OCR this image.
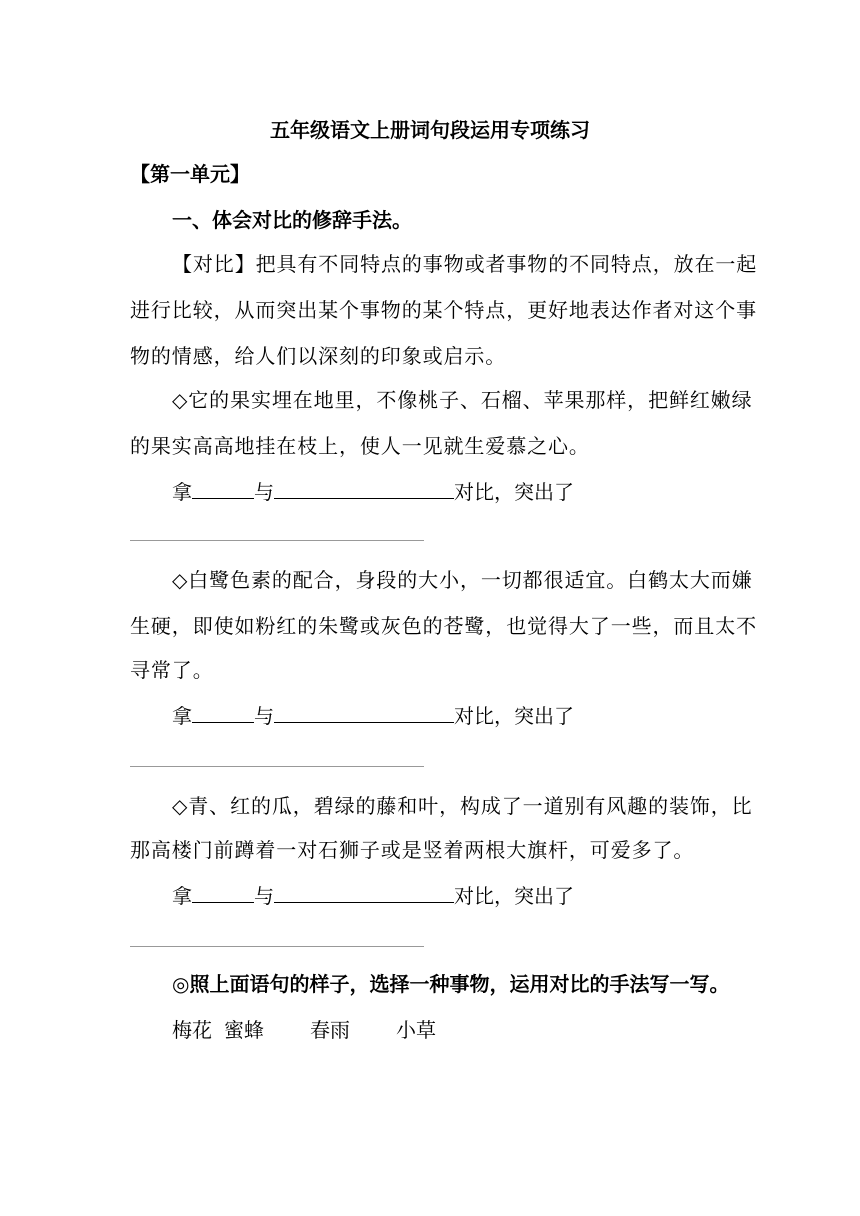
五年级语文上册词句段运用专项练习
【第一单元】
一、体会对比的修辞手法。
【对比】把具有不同特点的事物或者事物的不同特点，放在一起
进行比较，从而突出某个事物的某个特点，更好地表达作者对这个事
物的情感，给人们以深刻的印象或启示。
◇它的果实埋在地里，不像桃子、石榴、苹果那样，把鲜红嫩绿
的果实高高地挂在枝上，使人一见就生爱慕之心。
拿	与	对比，突出了
◇白鹭色素的配合，身段的大小，一切都很适宜。白鹤太大而嫌
生硬，即使如粉红的朱鹭或灰色的苍鹭，也觉得大了一些，而且太不
寻常了。
拿	与	对比，突出了
◇青、红的瓜，碧绿的藤和叶，构成了一道别有风趣的装饰，比
那高楼门前蹲着一对石狮子或是竖着两根大旗杆，可爱多了。
拿	与	对比，突出了
◎照上面语句的样子，选择一种事物，运用对比的手法写一写。
梅花 蜜蜂 春雨 小草
